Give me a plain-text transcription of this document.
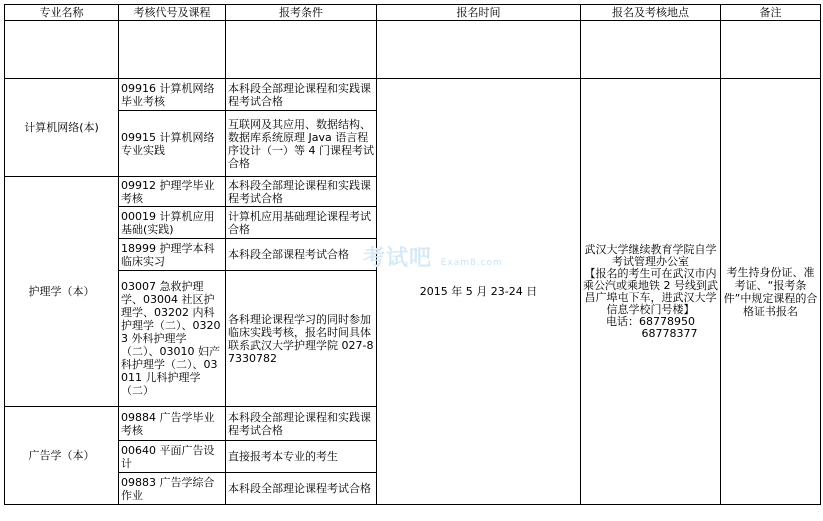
专业名称	考核代号及课程	报考条件	报名时间	报名及考核地点	备注

计算机网络(本)	09916 计算机网络毕业考核	本科段全部理论课程和实践课程考试合格	2015 年 5 月 23-24 日	武汉大学继续教育学院自学考试管理办公室
【报名的考生可在武汉市内乘公汽或乘地铁 2 号线到武昌广埠屯下车，进武汉大学信息学校门号楼】
电话：68778950
68778377	考生持身份证、准考证、“报考条件”中规定课程的合格证书报名
	09915 计算机网络专业实践	互联网及其应用、数据结构、数据库系统原理 Java 语言程序设计（一）等 4 门课程考试合格			
护理学（本）	09912 护理学毕业考核	本科段全部理论课程和实践课程考试合格			
	00019 计算机应用基础(实践)	计算机应用基础理论课程考试合格			
	18999 护理学本科临床实习	本科段全部课程考试合格			
	03007 急救护理学、03004 社区护理学、03202 内科护理学（二）、03203 外科护理学（二）、03010 妇产科护理学（二）、03011 儿科护理学（二）	各科理论课程学习的同时参加临床实践考核，报名时间具体联系武汉大学护理学院 027-87330782			
广告学（本）	09884 广告学毕业考核	本科段全部理论课程和实践课程考试合格			
	00640 平面广告设计	直接报考本专业的考生			
	09883 广告学综合作业	本科段全部理论课程考试合格			
考试吧 Exam8.com
